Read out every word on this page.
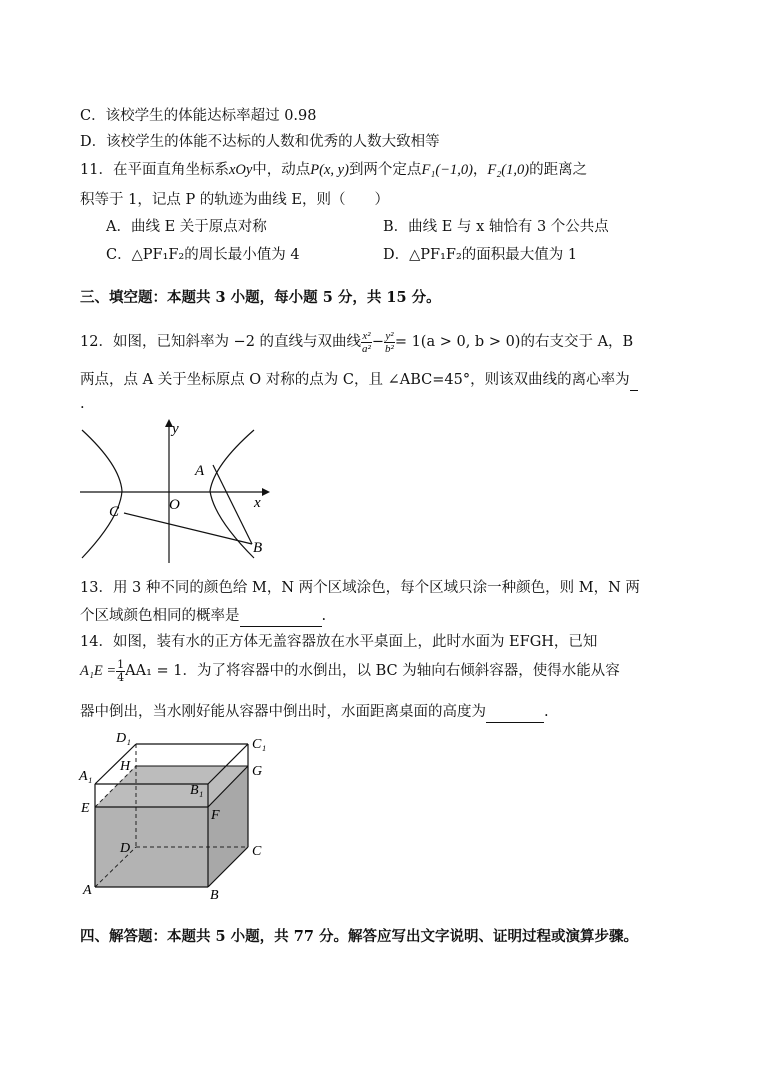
C．该校学生的体能达标率超过 0.98
D．该校学生的体能不达标的人数和优秀的人数大致相等
11．在平面直角坐标系xOy中，动点P(x, y)到两个定点F₁(−1,0)，F₂(1,0)的距离之
积等于 1，记点 P 的轨迹为曲线 E，则（　　）
A．曲线 E 关于原点对称	B．曲线 E 与 x 轴恰有 3 个公共点
C．△PF₁F₂的周长最小值为 4	D．△PF₁F₂的面积最大值为 1
三、填空题：本题共 3 小题，每小题 5 分，共 15 分。
12．如图，已知斜率为 −2 的直线与双曲线 $\frac{\text{x²}}{\text{a²}} - \frac{\text{y²}}{\text{b²}} = 1(a > 0$, b > 0)的右支交于 A，B
两点，点 A 关于坐标原点 O 对称的点为 C，且 ∠ABC=45°，则该双曲线的离心率为
.
y
x
O
A
B
C
13．用 3 种不同的颜色给 M，N 两个区域涂色，每个区域只涂一种颜色，则 M，N 两
个区域颜色相同的概率是	.
14．如图，装有水的正方体无盖容器放在水平桌面上，此时水面为 EFGH，已知
$A_1E = \frac{1}{4} AA_1 = 1$．为了将容器中的水倒出，以 BC 为轴向右倾斜容器，使得水能从容
器中倒出，当水刚好能从容器中倒出时，水面距离桌面的高度为	.
D₁	C₁
A₁
B₁
H	G
E	F
D	C
A	B
四、解答题：本题共 5 小题，共 77 分。解答应写出文字说明、证明过程或演算步骤。
